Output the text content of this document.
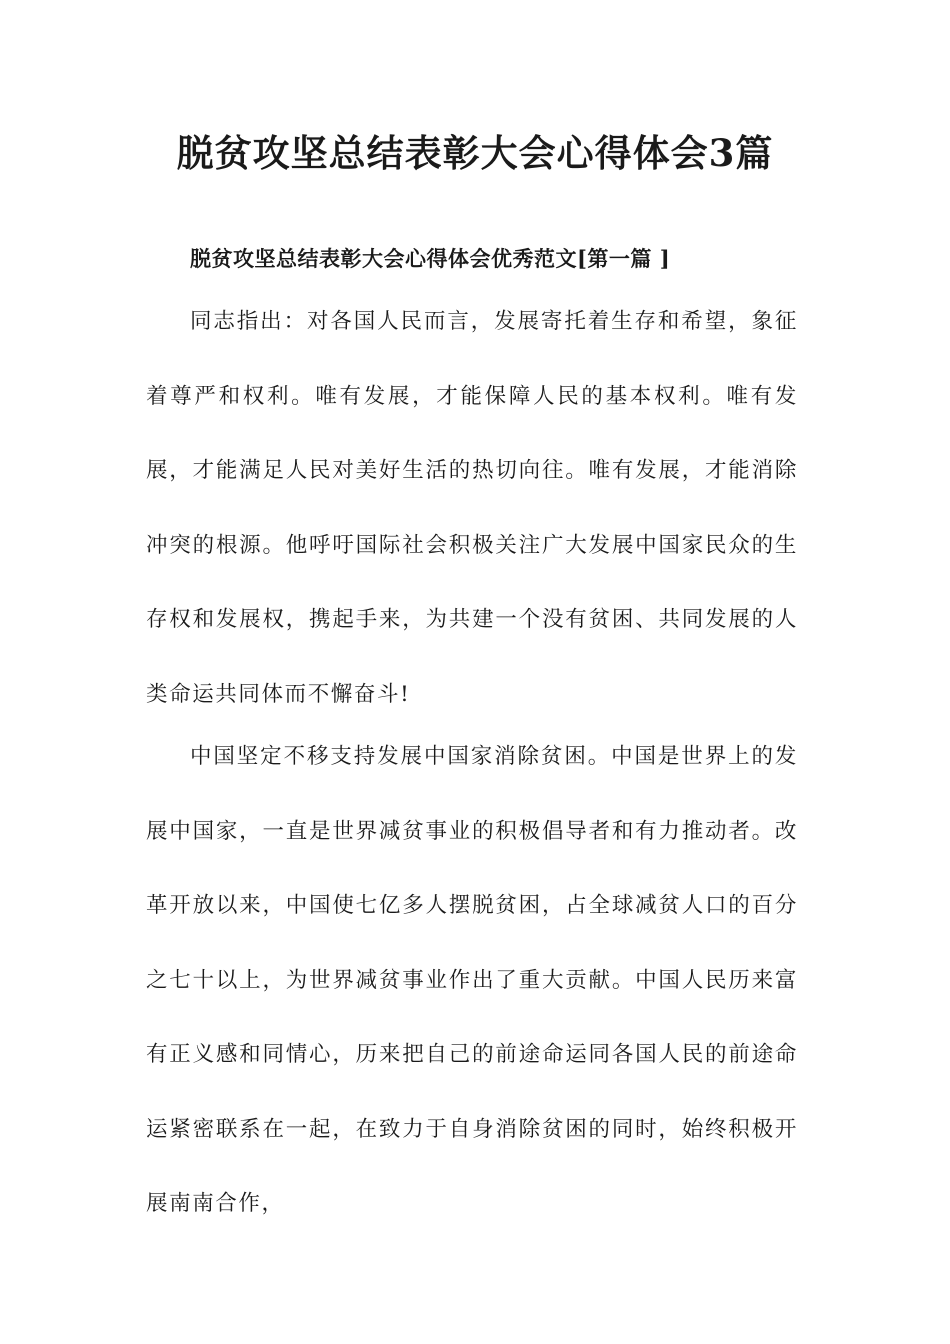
脱贫攻坚总结表彰大会心得体会3篇
脱贫攻坚总结表彰大会心得体会优秀范文[第一篇 ]

同志指出：对各国人民而言，发展寄托着生存和希望，象征着尊严和权利。唯有发展，才能保障人民的基本权利。唯有发展，才能满足人民对美好生活的热切向往。唯有发展，才能消除冲突的根源。他呼吁国际社会积极关注广大发展中国家民众的生存权和发展权，携起手来，为共建一个没有贫困、共同发展的人类命运共同体而不懈奋斗!

中国坚定不移支持发展中国家消除贫困。中国是世界上的发展中国家，一直是世界减贫事业的积极倡导者和有力推动者。改革开放以来，中国使七亿多人摆脱贫困，占全球减贫人口的百分之七十以上，为世界减贫事业作出了重大贡献。中国人民历来富有正义感和同情心，历来把自己的前途命运同各国人民的前途命运紧密联系在一起，在致力于自身消除贫困的同时，始终积极开展南南合作，
